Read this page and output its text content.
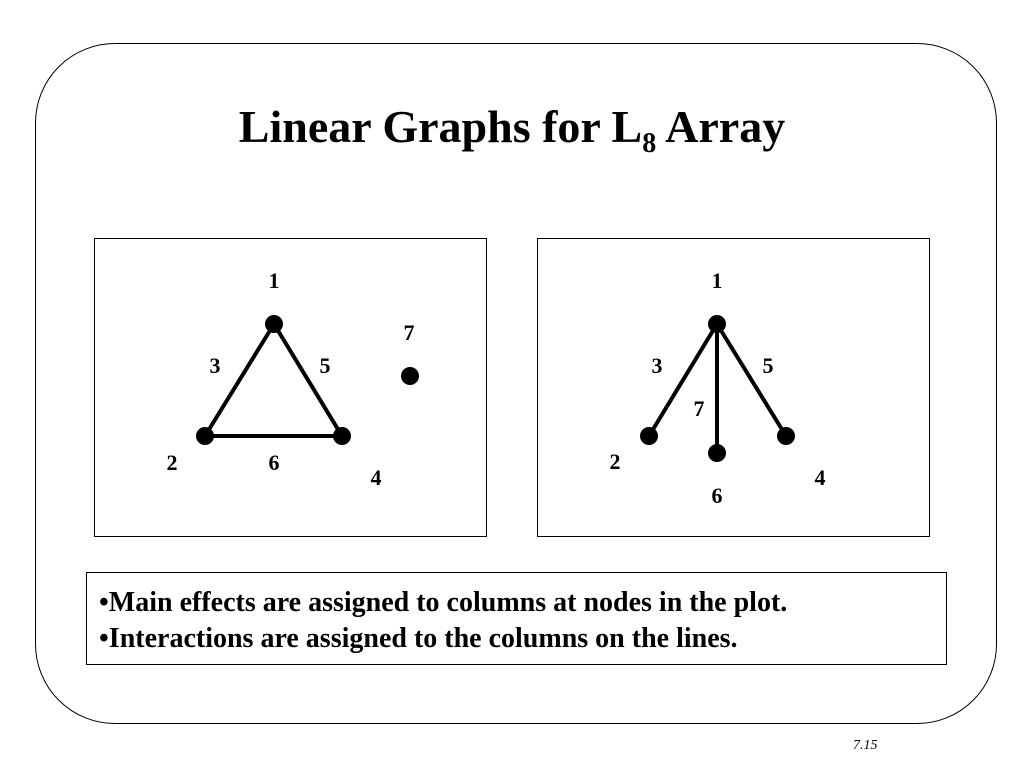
Linear Graphs for $L_8$ Array
1
7
3	5
2	6
4
1
3	5
7
2
4
6
•Main effects are assigned to columns at nodes in the plot.
•Interactions are assigned to the columns on the lines.
7.15
